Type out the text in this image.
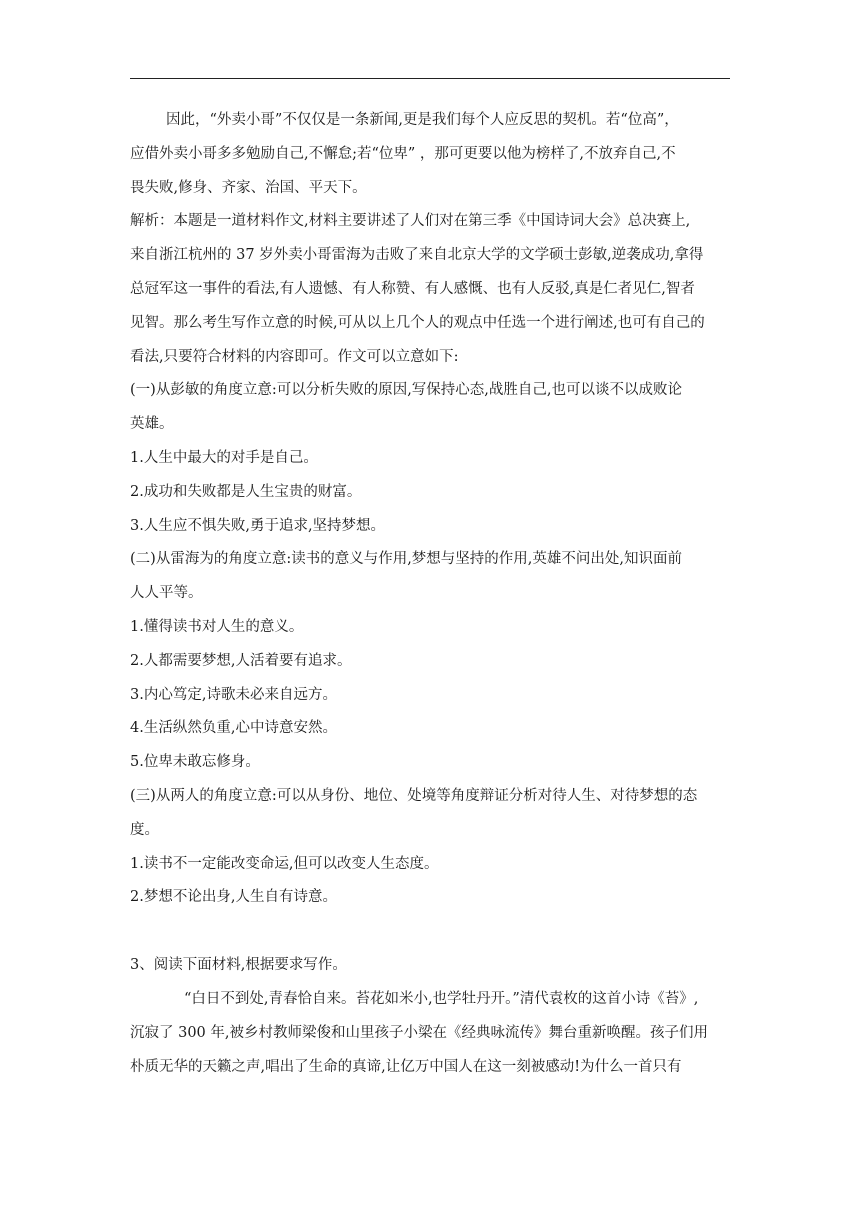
因此，“外卖小哥”不仅仅是一条新闻,更是我们每个人应反思的契机。若“位高”，
应借外卖小哥多多勉励自己,不懈怠;若“位卑” ，那可更要以他为榜样了,不放弃自己,不
畏失败,修身、齐家、治国、平天下。
解析：本题是一道材料作文,材料主要讲述了人们对在第三季《中国诗词大会》总决赛上,
来自浙江杭州的 37 岁外卖小哥雷海为击败了来自北京大学的文学硕士彭敏,逆袭成功,拿得
总冠军这一事件的看法,有人遗憾、有人称赞、有人感慨、也有人反驳,真是仁者见仁,智者
见智。那么考生写作立意的时候,可从以上几个人的观点中任选一个进行阐述,也可有自己的
看法,只要符合材料的内容即可。作文可以立意如下:
(一)从彭敏的角度立意:可以分析失败的原因,写保持心态,战胜自己,也可以谈不以成败论
英雄。
1.人生中最大的对手是自己。
2.成功和失败都是人生宝贵的财富。
3.人生应不惧失败,勇于追求,坚持梦想。
(二)从雷海为的角度立意:读书的意义与作用,梦想与坚持的作用,英雄不问出处,知识面前
人人平等。
1.懂得读书对人生的意义。
2.人都需要梦想,人活着要有追求。
3.内心笃定,诗歌未必来自远方。
4.生活纵然负重,心中诗意安然。
5.位卑未敢忘修身。
(三)从两人的角度立意:可以从身份、地位、处境等角度辩证分析对待人生、对待梦想的态
度。
1.读书不一定能改变命运,但可以改变人生态度。
2.梦想不论出身,人生自有诗意。
3、阅读下面材料,根据要求写作。
“白日不到处,青春恰自来。苔花如米小,也学牡丹开。”清代袁枚的这首小诗《苔》,
沉寂了 300 年,被乡村教师梁俊和山里孩子小梁在《经典咏流传》舞台重新唤醒。孩子们用
朴质无华的天籁之声,唱出了生命的真谛,让亿万中国人在这一刻被感动!为什么一首只有
